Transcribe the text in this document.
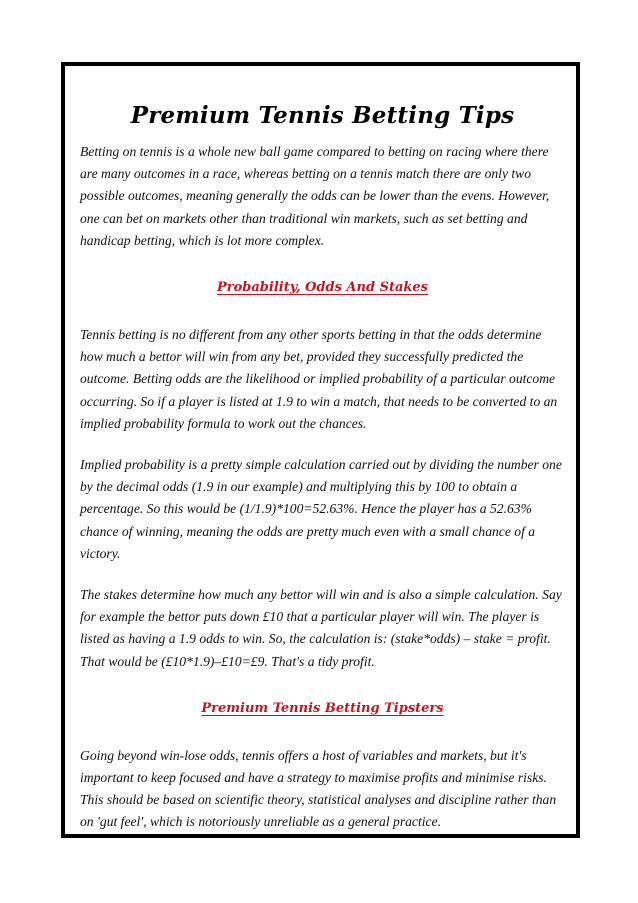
Premium Tennis Betting Tips

Betting on tennis is a whole new ball game compared to betting on racing where there are many outcomes in a race, whereas betting on a tennis match there are only two possible outcomes, meaning generally the odds can be lower than the evens. However, one can bet on markets other than traditional win markets, such as set betting and handicap betting, which is lot more complex.

Probability, Odds And Stakes

Tennis betting is no different from any other sports betting in that the odds determine how much a bettor will win from any bet, provided they successfully predicted the outcome. Betting odds are the likelihood or implied probability of a particular outcome occurring. So if a player is listed at 1.9 to win a match, that needs to be converted to an implied probability formula to work out the chances.

Implied probability is a pretty simple calculation carried out by dividing the number one by the decimal odds (1.9 in our example) and multiplying this by 100 to obtain a percentage. So this would be (1/1.9)*100=52.63%. Hence the player has a 52.63% chance of winning, meaning the odds are pretty much even with a small chance of a victory.

The stakes determine how much any bettor will win and is also a simple calculation. Say for example the bettor puts down £10 that a particular player will win. The player is listed as having a 1.9 odds to win. So, the calculation is: (stake*odds) – stake = profit. That would be (£10*1.9)–£10=£9. That's a tidy profit.

Premium Tennis Betting Tipsters

Going beyond win-lose odds, tennis offers a host of variables and markets, but it's important to keep focused and have a strategy to maximise profits and minimise risks. This should be based on scientific theory, statistical analyses and discipline rather than on 'gut feel', which is notoriously unreliable as a general practice.
